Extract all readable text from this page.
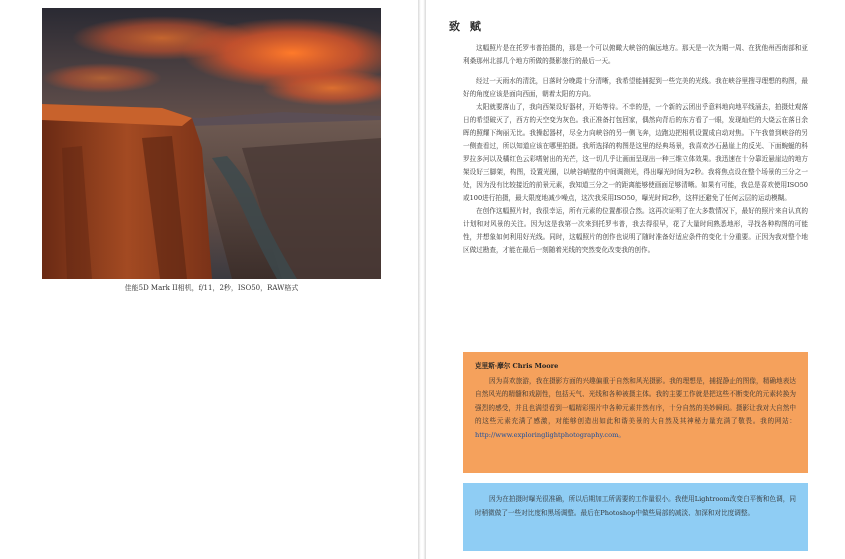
佳能5D Mark II相机，f/11，2秒，ISO50，RAW格式
致 赋

这幅照片是在托罗韦普拍摄的，那是一个可以俯瞰大峡谷的偏远地方。那天是一次为期一周、在犹他州西南部和亚利桑那州北部几个地方所做的摄影旅行的最后一天。

经过一天雨水的清洗，日落时分晚霞十分清晰，我希望能捕捉到一些完美的光线。我在峡谷里搜寻理想的构图，最好的角度应该是面向西面，朝着太阳的方向。

太阳就要落山了，我向西架设好器材，开始等待。不幸的是，一个新的云团出乎意料地向地平线涌去，拍摄灶观落日的希望破灭了，西方的天空变为灰色。我正准备打包回家，偶然向背后的东方看了一眼，发现灿烂的大烧云在落日余晖的照耀下绚丽无比。我操起器材，尽全力向峡谷的另一侧飞奔，边跑边把相机设置成自动对焦。下午我曾到峡谷的另一侧查看过，所以知道应该在哪里拍摄。我所选择的构图是这里的经典场景，我喜欢沙石悬崖上的反光、下面蜿蜒的科罗拉多河以及橘红色云彩嗜射出的光芒，这一切几乎让画面呈现出一种三维立体效果。我迅速在十分靠近悬崖边的地方架设好三脚架，构图，设置光圈，以峡谷峭壁的中间调测光，得出曝光时间为2秒。我将焦点设在整个场景的三分之一处，因为没有比较接近的前景元素，我知道三分之一的距离能够使画面足够清晰。如果有可能，我总是喜欢使用ISO50或100进行拍摄，最大限度地减少噪点，这次我采用ISO50，曝光时间2秒，这样还避免了任何云层的运动模糊。

在创作这幅照片时，我很幸运，所有元素的位置都很合然。这再次证明了在大多数情况下，最好的照片来自认真的计划和对风景的关注。因为这是我第一次来到托罗韦普，我去得很早，花了大量时间熟悉地形，寻找各种构图的可能性，并想象如何利用好光线。同时，这幅照片的创作也说明了随时准备好适应条件的变化十分重要。正因为我对整个地区做过勘查，才能在最后一刻随着光线的突然变化改变我的创作。

克里斯·摩尔 Chris Moore

因为喜欢旅游，我在摄影方面的兴趣偏重于自然和风光摄影。我的理想是，捕捉静止的图像，精确地表达自然风光的精髓和戏剧性，包括天气、光线和各种被摄主体。我的主要工作就是把这些不断变化的元素转换为强烈的感受，并且也满望看到一幅精彩照片中各种元素井然有序，十分自然的美妙瞬间。摄影让我对大自然中的这些元素充满了感激，对能够创造出如此和谐美景的大自然及其神秘力量充满了敬畏。我的网站：http://www.exploringlightphotography.com。

因为在拍摄时曝光很准确，所以后期加工所需要的工作量很小。我使用Lightroom改变白平衡和色调，同时稍微做了一些对比度和黑场调整。最后在Photoshop中做些局部的减淡、加深和对比度调整。
